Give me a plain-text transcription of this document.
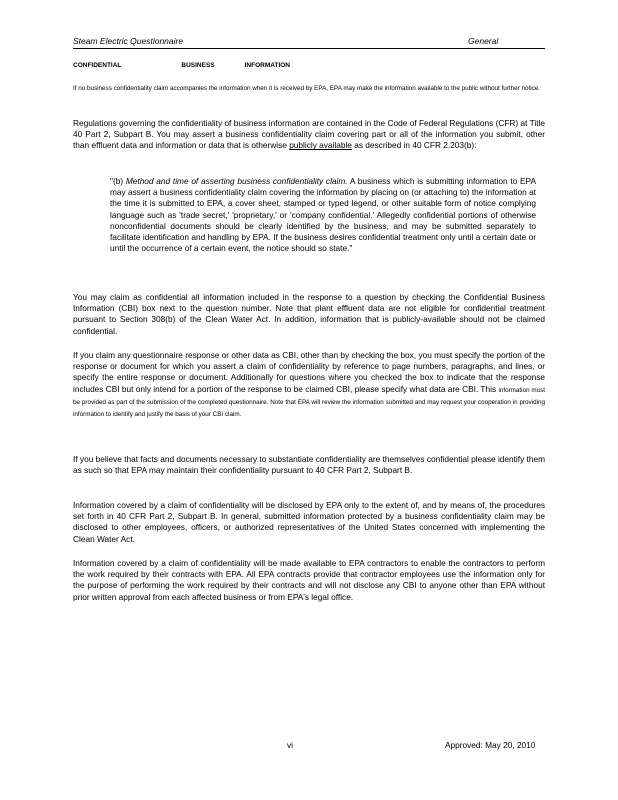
Steam Electric Questionnaire	General
CONFIDENTIAL	BUSINESS	INFORMATION
If no business confidentiality claim accompanies the information when it is received by EPA, EPA may make the information available to the public without further notice.
Regulations governing the confidentiality of business information are contained in the Code of Federal Regulations (CFR) at Title 40 Part 2, Subpart B. You may assert a business confidentiality claim covering part or all of the information you submit, other than effluent data and information or data that is otherwise publicly available as described in 40 CFR 2.203(b):
"(b) Method and time of asserting business confidentiality claim. A business which is submitting information to EPA may assert a business confidentiality claim covering the information by placing on (or attaching to) the information at the time it is submitted to EPA, a cover sheet, stamped or typed legend, or other suitable form of notice complying language such as 'trade secret,' 'proprietary,' or 'company confidential.' Allegedly confidential portions of otherwise nonconfidential documents should be clearly identified by the business, and may be submitted separately to facilitate identification and handling by EPA. If the business desires confidential treatment only until a certain date or until the occurrence of a certain event, the notice should so state."
You may claim as confidential all information included in the response to a question by checking the Confidential Business Information (CBI) box next to the question number. Note that plant effluent data are not eligible for confidential treatment pursuant to Section 308(b) of the Clean Water Act. In addition, information that is publicly-available should not be claimed confidential.
If you claim any questionnaire response or other data as CBI, other than by checking the box, you must specify the portion of the response or document for which you assert a claim of confidentiality by reference to page numbers, paragraphs, and lines, or specify the entire response or document. Additionally for questions where you checked the box to indicate that the response includes CBI but only intend for a portion of the response to be claimed CBI, please specify what data are CBI. This information must be provided as part of the submission of the completed questionnaire. Note that EPA will review the information submitted and may request your cooperation in providing information to identify and justify the basis of your CBI claim.
If you believe that facts and documents necessary to substantiate confidentiality are themselves confidential please identify them as such so that EPA may maintain their confidentiality pursuant to 40 CFR Part 2, Subpart B.
Information covered by a claim of confidentiality will be disclosed by EPA only to the extent of, and by means of, the procedures set forth in 40 CFR Part 2, Subpart B. In general, submitted information protected by a business confidentiality claim may be disclosed to other employees, officers, or authorized representatives of the United States concerned with implementing the Clean Water Act.
Information covered by a claim of confidentiality will be made available to EPA contractors to enable the contractors to perform the work required by their contracts with EPA. All EPA contracts provide that contractor employees use the information only for the purpose of performing the work required by their contracts and will not disclose any CBI to anyone other than EPA without prior written approval from each affected business or from EPA's legal office.
vi	Approved: May 20, 2010
